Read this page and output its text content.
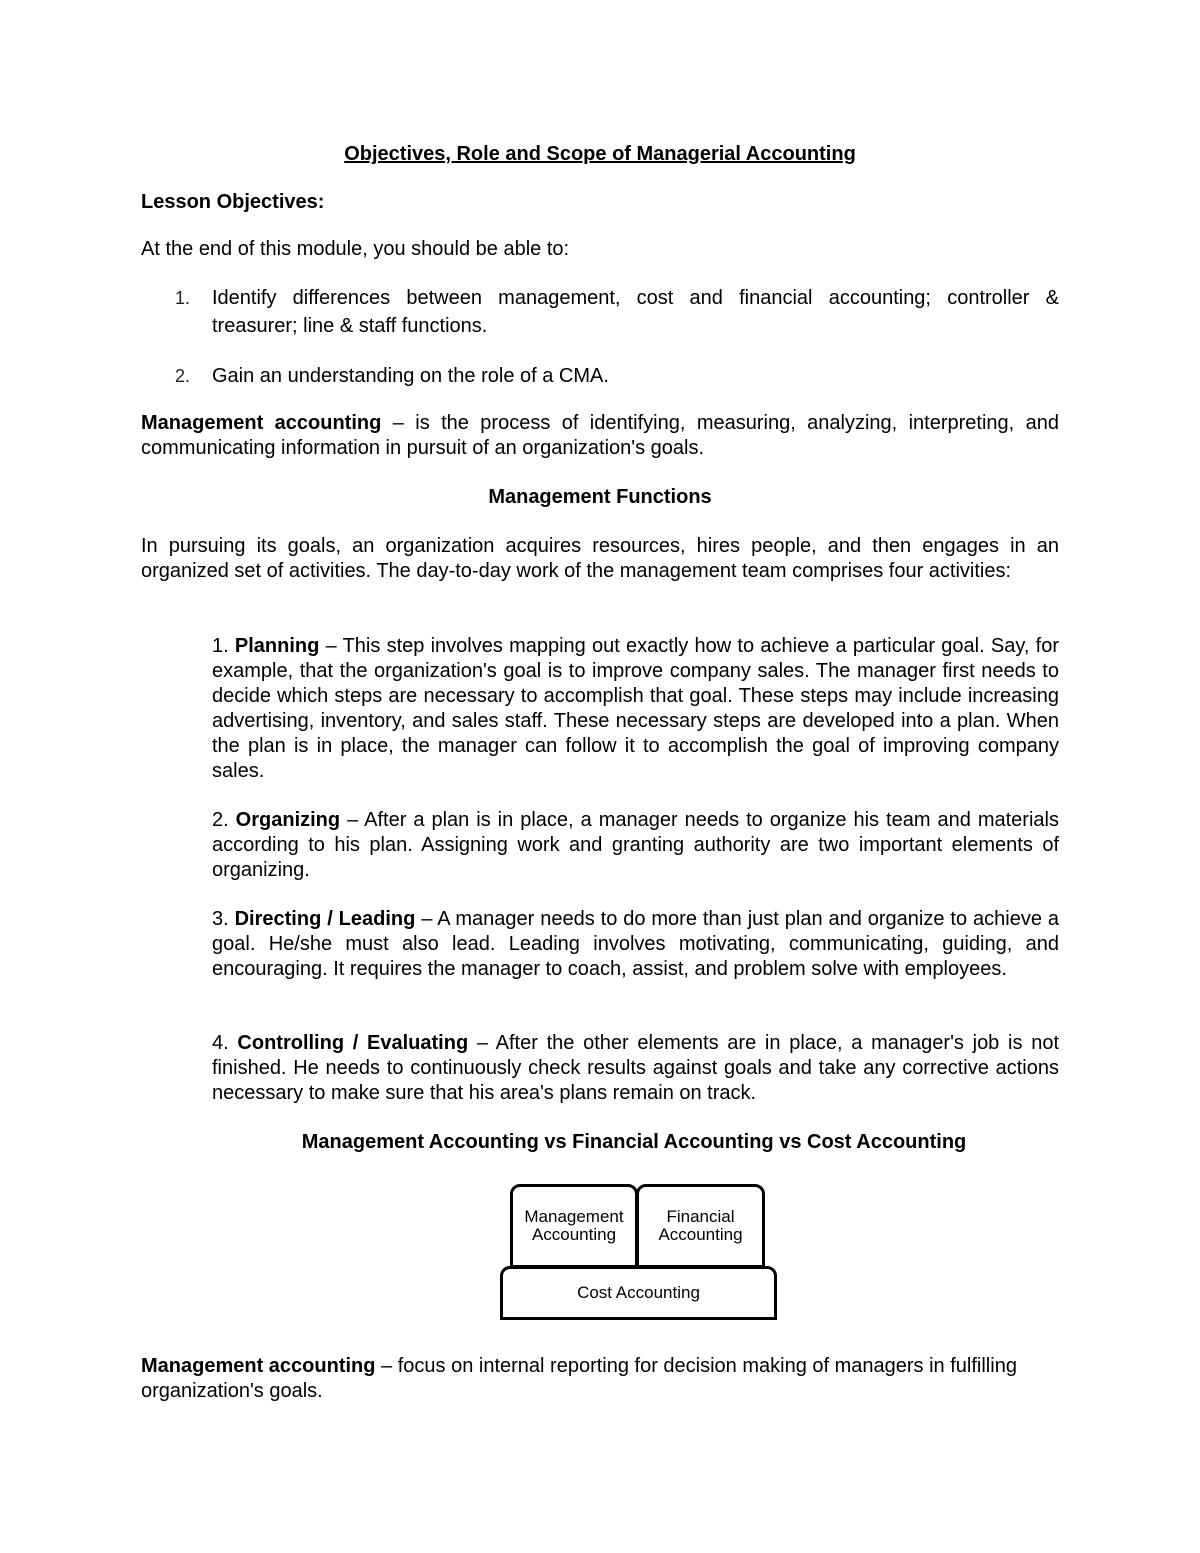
Objectives, Role and Scope of Managerial Accounting

Lesson Objectives:

At the end of this module, you should be able to:

1. Identify differences between management, cost and financial accounting; controller &

treasurer; line & staff functions.

2. Gain an understanding on the role of a CMA.

Management accounting – is the process of identifying, measuring, analyzing, interpreting, and communicating information in pursuit of an organization's goals.

Management Functions

In pursuing its goals, an organization acquires resources, hires people, and then engages in an organized set of activities. The day-to-day work of the management team comprises four activities:

1. Planning – This step involves mapping out exactly how to achieve a particular goal. Say, for example, that the organization's goal is to improve company sales. The manager first needs to decide which steps are necessary to accomplish that goal. These steps may include increasing advertising, inventory, and sales staff. These necessary steps are developed into a plan. When the plan is in place, the manager can follow it to accomplish the goal of improving company sales.

2. Organizing – After a plan is in place, a manager needs to organize his team and materials according to his plan. Assigning work and granting authority are two important elements of organizing.

3. Directing / Leading – A manager needs to do more than just plan and organize to achieve a goal. He/she must also lead. Leading involves motivating, communicating, guiding, and encouraging. It requires the manager to coach, assist, and problem solve with employees.

4. Controlling / Evaluating – After the other elements are in place, a manager's job is not finished. He needs to continuously check results against goals and take any corrective actions necessary to make sure that his area's plans remain on track.

Management Accounting vs Financial Accounting vs Cost Accounting

Management Accounting
Financial Accounting
Cost Accounting

Management accounting – focus on internal reporting for decision making of managers in fulfilling organization's goals.
